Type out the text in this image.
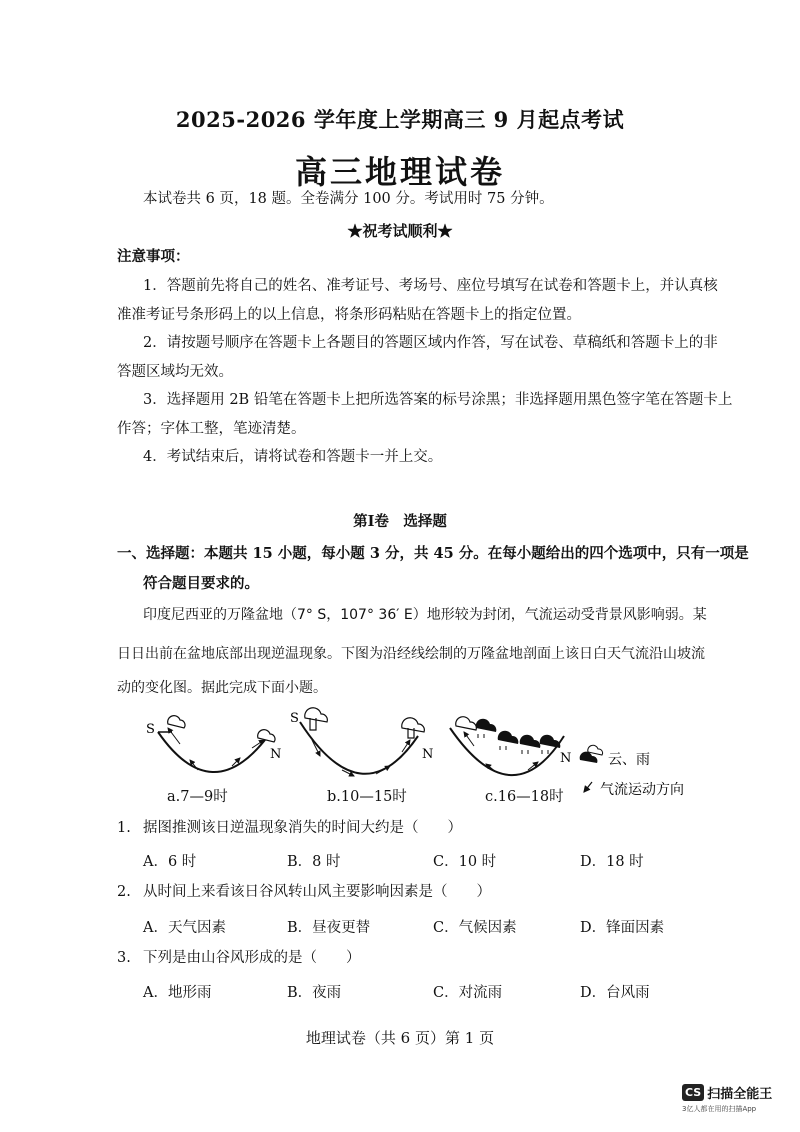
2025-2026 学年度上学期高三 9 月起点考试
高三地理试卷
本试卷共 6 页，18 题。全卷满分 100 分。考试用时 75 分钟。
★祝考试顺利★
注意事项：
1．答题前先将自己的姓名、准考证号、考场号、座位号填写在试卷和答题卡上，并认真核
准准考证号条形码上的以上信息，将条形码粘贴在答题卡上的指定位置。
2．请按题号顺序在答题卡上各题目的答题区域内作答，写在试卷、草稿纸和答题卡上的非
答题区域均无效。
3．选择题用 2B 铅笔在答题卡上把所选答案的标号涂黑；非选择题用黑色签字笔在答题卡上
作答；字体工整，笔迹清楚。
4．考试结束后，请将试卷和答题卡一并上交。
第Ⅰ卷　选择题
一、选择题：本题共 15 小题，每小题 3 分，共 45 分。在每小题给出的四个选项中，只有一项是
符合题目要求的。
印度尼西亚的万隆盆地（7° S，107° 36′ E）地形较为封闭，气流运动受背景风影响弱。某
日日出前在盆地底部出现逆温现象。下图为沿经线绘制的万隆盆地剖面上该日白天气流沿山坡流
动的变化图。据此完成下面小题。
S
N
S
N	N	云、雨
气流运动方向
a.7—9时	b.10—15时	c.16—18时
1. 据图推测该日逆温现象消失的时间大约是（　　）
A．6 时	B．8 时	C．10 时	D．18 时
2. 从时间上来看该日谷风转山风主要影响因素是（　　）
A．天气因素	B．昼夜更替	C．气候因素	D．锋面因素
3. 下列是由山谷风形成的是（　　）
A．地形雨	B．夜雨	C．对流雨	D．台风雨
地理试卷（共 6 页）第 1 页
CS 扫描全能王
3亿人都在用的扫描App
